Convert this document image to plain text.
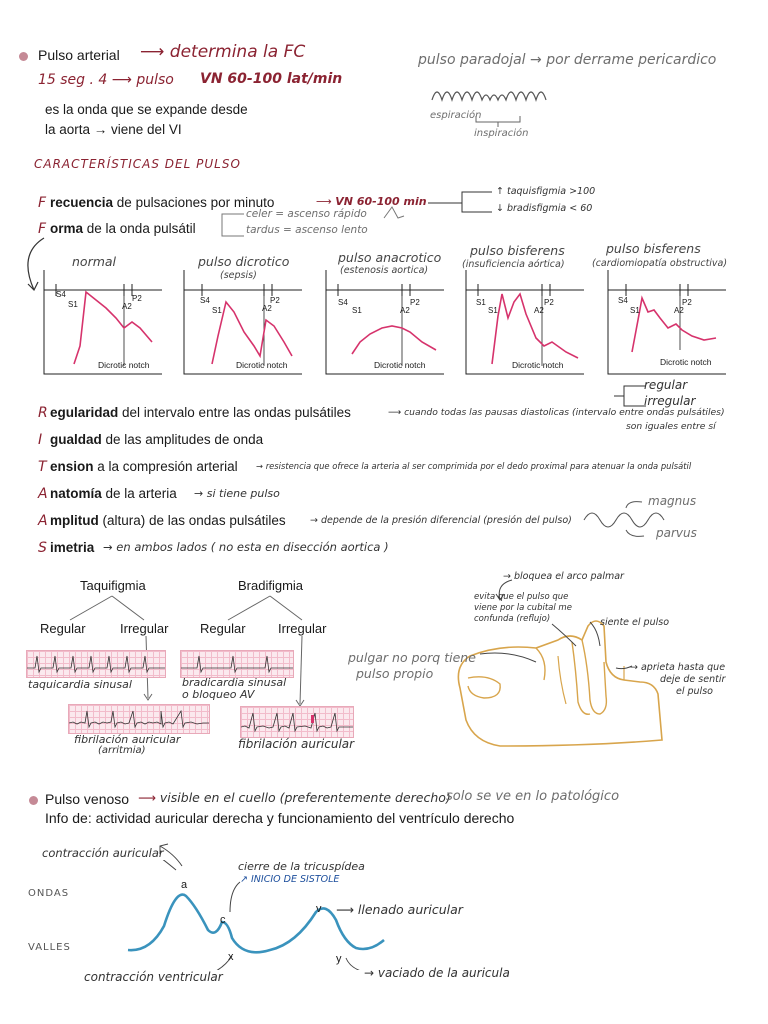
Pulso arterial ⟶ determina la FC
15 seg . 4 ⟶ pulso VN 60-100 lat/min
es la onda que se expande desde
la aorta → viene del VI
pulso paradojal → por derrame pericardico
espiración
inspiración
CARACTERÍSTICAS DEL PULSO
F recuencia de pulsaciones por minuto	⟶ VN 60-100 min
↑ taquisfigmia >100
↓ bradisfigmia < 60
F orma de la onda pulsátil
celer = ascenso rápido
tardus = ascenso lento
normal	pulso dicrotico
(sepsis)
pulso anacrotico
(estenosis aortica)
pulso bisferens
(insuficiencia aórtica)
pulso bisferens
(cardiomiopatía obstructiva)
S4
S1	A2
P2	S4
S1	A2
P2	S4
S1	A2
P2	S1
S1	A2
P2	S4
S1	A2
P2
Dicrotic notch	Dicrotic notch	Dicrotic notch	Dicrotic notch	Dicrotic notch
regular
irregular
R egularidad del intervalo entre las ondas pulsátiles	⟶ cuando todas las pausas diastolicas (intervalo entre ondas pulsátiles)
son iguales entre sí
I gualdad de las amplitudes de onda
T ension a la compresión arterial → resistencia que ofrece la arteria al ser comprimida por el dedo proximal para atenuar la onda pulsátil
A natomía de la arteria → si tiene pulso
A mplitud (altura) de las ondas pulsátiles	→ depende de la presión diferencial (presión del pulso)
magnus
parvus
S imetria → en ambos lados ( no esta en disección aortica )
Taquifigmia	Bradifigmia
Regular	Irregular Regular Irregular
taquicardia sinusal	bradicardia sinusal
o bloqueo AV
fibrilación auricular
(arritmia)	fibrilación auricular
→ bloquea el arco palmar
evita que el pulso que
viene por la cubital me
confunda (reflujo)	siente el pulso
→ aprieta hasta que
deje de sentir
el pulso
pulgar no porq tiene
pulso propio
Pulso venoso ⟶ visible en el cuello (preferentemente derecho)
solo se ve en lo patológico
Info de: actividad auricular derecha y funcionamiento del ventrículo derecho
contracción auricular
cierre de la tricuspídea
↗ INICIO DE SISTOLE
⟶ llenado auricular
ONDAS
VALLES
contracción ventricular	→ vaciado de la auricula
a
c
v
x	y
